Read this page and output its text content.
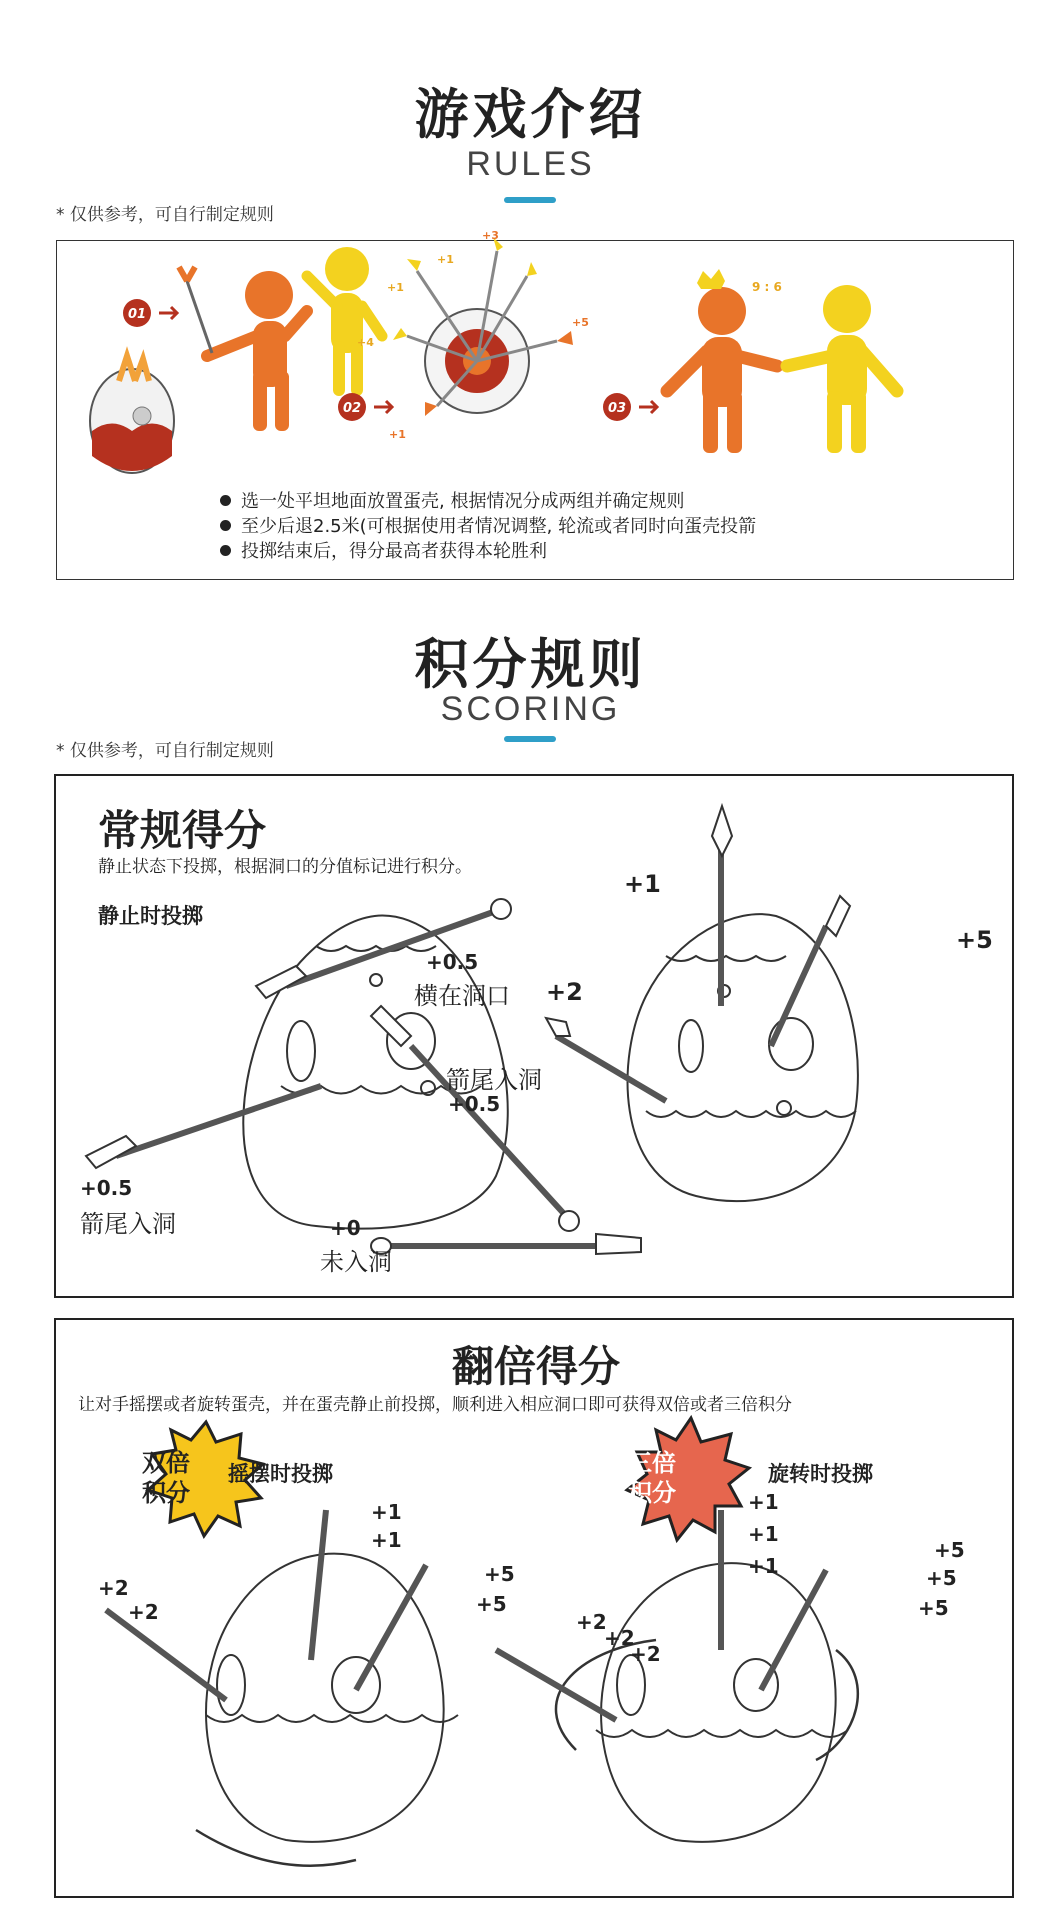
游戏介绍
RULES
* 仅供参考，可自行制定规则
01
02
+1
+1
+3
+4
+5
+1
03
9 : 6
选一处平坦地面放置蛋壳, 根据情况分成两组并确定规则
至少后退2.5米(可根据使用者情况调整, 轮流或者同时向蛋壳投箭
投掷结束后，得分最高者获得本轮胜利
积分规则
SCORING
* 仅供参考，可自行制定规则
常规得分
静止状态下投掷，根据洞口的分值标记进行积分。
静止时投掷
+0.5
横在洞口
箭尾入洞
+0.5
+0.5
箭尾入洞	+0
未入洞
+1
+5
+2
翻倍得分
让对手摇摆或者旋转蛋壳，并在蛋壳静止前投掷，顺利进入相应洞口即可获得双倍或者三倍积分
双倍
积分
摇摆时投掷	三倍
积分
旋转时投掷
+1
+1
+2
+2
+5
+5
+1
+1
+1
+2
+2
+2
+5
+5
+5
